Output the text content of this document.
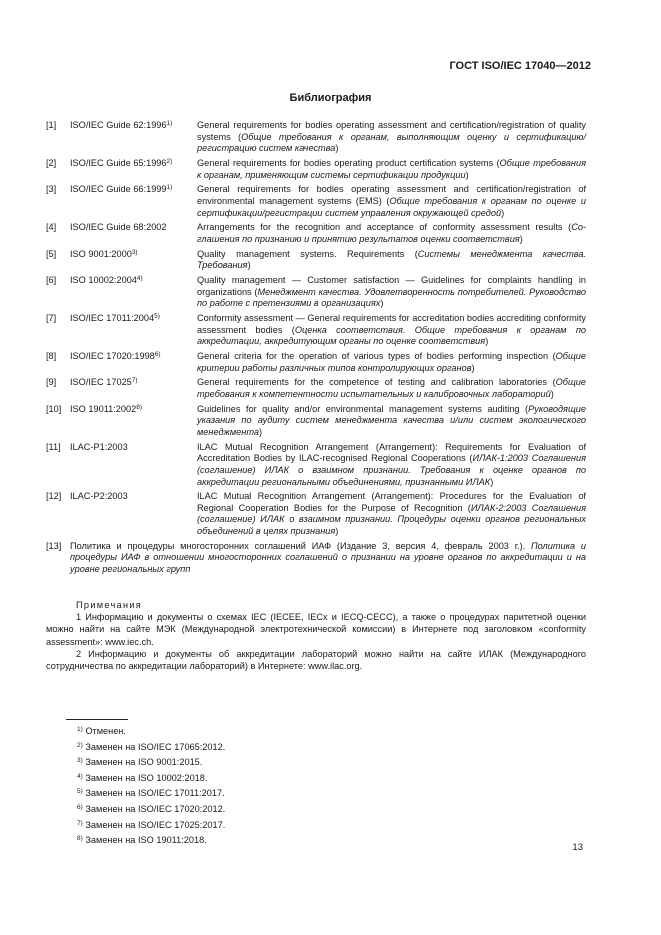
ГОСТ ISO/IEC 17040—2012
Библиография
[1]	ISO/IEC Guide 62:1996$^{1)}$	General requirements for bodies operating assessment and certification/registration of quality systems (Общие требования к органам, выполняющим оценку и сертификацию/регистрацию систем качества)
[2]	ISO/IEC Guide 65:1996$^{2)}$	General requirements for bodies operating product certification systems (Общие требования к органам, применяющим системы сертификации продукции)
[3]	ISO/IEC Guide 66:1999$^{1)}$	General requirements for bodies operating assessment and certification/registration of environmental management systems (EMS) (Общие требования к органам по оценке и сертификации/регистрации систем управления окружающей средой)
[4]	ISO/IEC Guide 68:2002	Arrangements for the recognition and acceptance of conformity assessment results (Соглашения по признанию и принятию результатов оценки соответствия)
[5]	ISO 9001:2000$^{3)}$	Quality management systems. Requirements (Системы менеджмента качества. Требования)
[6]	ISO 10002:2004$^{4)}$	Quality management — Customer satisfaction — Guidelines for complaints handling in organizations (Менеджмент качества. Удовлетворенность потребителей. Руководство по работе с претензиями в организациях)
[7]	ISO/IEC 17011:2004$^{5)}$	Conformity assessment — General requirements for accreditation bodies accrediting conformity assessment bodies (Оценка соответствия. Общие требования к органам по аккредитации, аккредитующим органы по оценке соответствия)
[8]	ISO/IEC 17020:1998$^{6)}$	General criteria for the operation of various types of bodies performing inspection (Общие критерии работы различных типов контролирующих органов)
[9]	ISO/IEC 17025$^{7)}$	General requirements for the competence of testing and calibration laboratories (Общие требования к компетентности испытательных и калибровочных лабораторий)
[10] ISO 19011:2002$^{8)}$	Guidelines for quality and/or environmental management systems auditing (Руководящие указания по аудиту систем менеджмента качества и/или систем экологического менеджмента)
[11]	ILAC-P1:2003	ILAC Mutual Recognition Arrangement (Arrangement): Requirements for Evaluation of Accreditation Bodies by ILAC-recognised Regional Cooperations (ИЛАК-1:2003 Соглашения (соглашение) ИЛАК о взаимном признании. Требования к оценке органов по аккредитации региональными объединениями, признанными ИЛАК)
[12] ILAC-P2:2003	ILAC Mutual Recognition Arrangement (Arrangement): Procedures for the Evaluation of Regional Cooperation Bodies for the Purpose of Recognition (ИЛАК-2:2003 Соглашения (соглашение) ИЛАК о взаимном признании. Процедуры оценки органов региональных объединений в целях признания)
[13] Политика и процедуры многосторонних соглашений ИАФ (Издание 3, версия 4, февраль 2003 г.). Политика и процедуры ИАФ в отношении многосторонних соглашений о признании на уровне органов по аккредитации и на уровне региональных групп
Примечания
1 Информацию и документы о схемах IEC (IECEE, IECx и IECQ-CECC), а также о процедурах паритетной оценки можно найти на сайте МЭК (Международной электротехнической комиссии) в Интернете под заголовком «conformity assessment»: www.iec.ch.
2 Информацию и документы об аккредитации лабораторий можно найти на сайте ИЛАК (Международного сотрудничества по аккредитации лабораторий) в Интернете: www.ilac.org.
$^{1)}$ Отменен.
$^{2)}$ Заменен на ISO/IEC 17065:2012.
$^{3)}$ Заменен на ISO 9001:2015.
$^{4)}$ Заменен на ISO 10002:2018.
$^{5)}$ Заменен на ISO/IEC 17011:2017.
$^{6)}$ Заменен на ISO/IEC 17020:2012.
$^{7)}$ Заменен на ISO/IEC 17025:2017.
$^{8)}$ Заменен на ISO 19011:2018.
13
